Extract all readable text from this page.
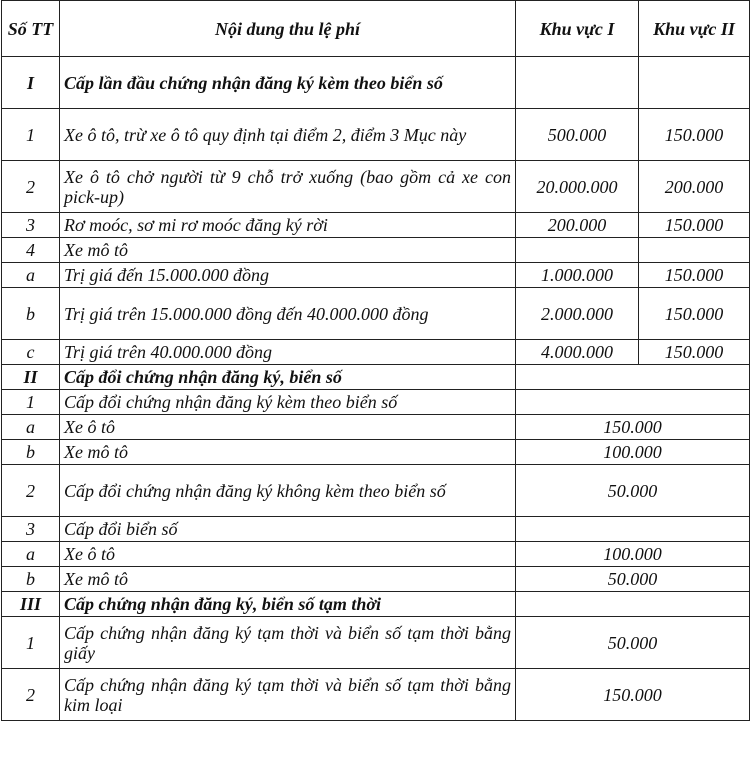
Số TT	Nội dung thu lệ phí	Khu vực I	Khu vực II
I	Cấp lần đầu chứng nhận đăng ký kèm theo biển số		
1	Xe ô tô, trừ xe ô tô quy định tại điểm 2, điểm 3 Mục này	500.000	150.000
2	Xe ô tô chở người từ 9 chỗ trở xuống (bao gồm cả xe con pick-up)	20.000.000	200.000
3	Rơ moóc, sơ mi rơ moóc đăng ký rời	200.000	150.000
4	Xe mô tô		
a	Trị giá đến 15.000.000 đồng	1.000.000	150.000
b	Trị giá trên 15.000.000 đồng đến 40.000.000 đồng	2.000.000	150.000
c	Trị giá trên 40.000.000 đồng	4.000.000	150.000
II	Cấp đổi chứng nhận đăng ký, biển số		
1	Cấp đổi chứng nhận đăng ký kèm theo biển số		
a	Xe ô tô	150.000	
b	Xe mô tô	100.000	
2	Cấp đổi chứng nhận đăng ký không kèm theo biển số	50.000	
3	Cấp đổi biển số		
a	Xe ô tô	100.000	
b	Xe mô tô	50.000	
III	Cấp chứng nhận đăng ký, biển số tạm thời		
1	Cấp chứng nhận đăng ký tạm thời và biển số tạm thời bằng giấy	50.000	
2	Cấp chứng nhận đăng ký tạm thời và biển số tạm thời bằng kim loại	150.000	
